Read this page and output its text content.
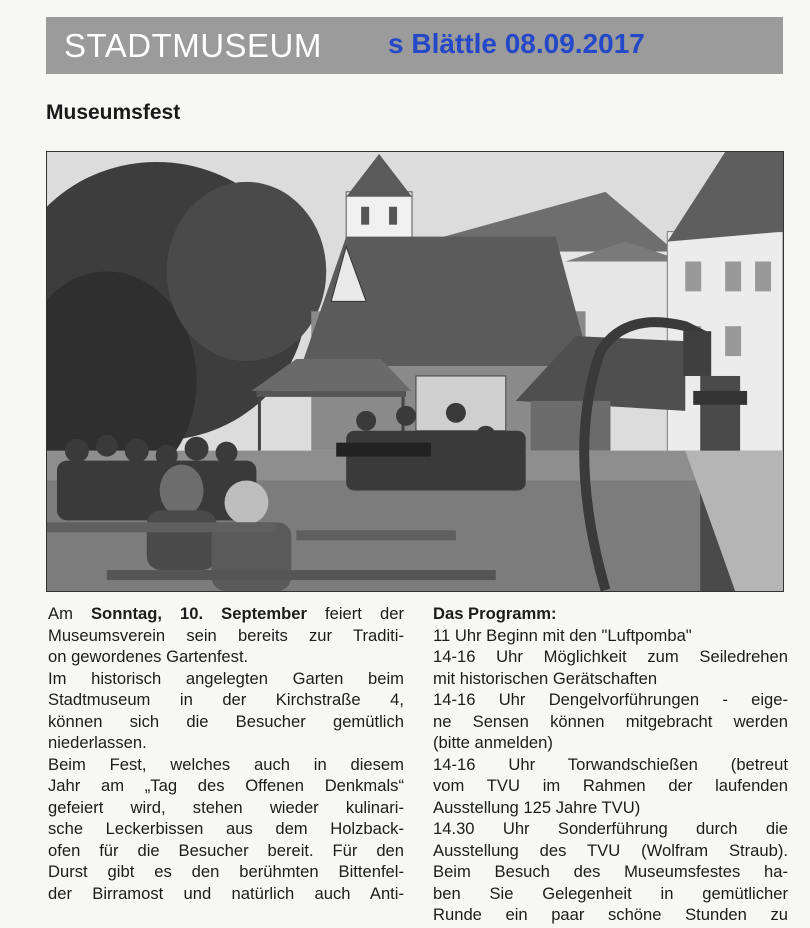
STADTMUSEUM s Blättle 08.09.2017
Museumsfest
Am Sonntag, 10. September feiert der
Museumsverein sein bereits zur Traditi-
on gewordenes Gartenfest.
Im historisch angelegten Garten beim
Stadtmuseum in der Kirchstraße 4,
können sich die Besucher gemütlich
niederlassen.
Beim Fest, welches auch in diesem
Jahr am „Tag des Offenen Denkmals“
gefeiert wird, stehen wieder kulinari-
sche Leckerbissen aus dem Holzback-
ofen für die Besucher bereit. Für den
Durst gibt es den berühmten Bittenfel-
der Birramost und natürlich auch Anti-
Das Programm:
11 Uhr Beginn mit den "Luftpomba"
14-16 Uhr Möglichkeit zum Seiledrehen
mit historischen Gerätschaften
14-16 Uhr Dengelvorführungen - eige-
ne Sensen können mitgebracht werden
(bitte anmelden)
14-16 Uhr Torwandschießen (betreut
vom TVU im Rahmen der laufenden
Ausstellung 125 Jahre TVU)
14.30 Uhr Sonderführung durch die
Ausstellung des TVU (Wolfram Straub).
Beim Besuch des Museumsfestes ha-
ben Sie Gelegenheit in gemütlicher
Runde ein paar schöne Stunden zu
